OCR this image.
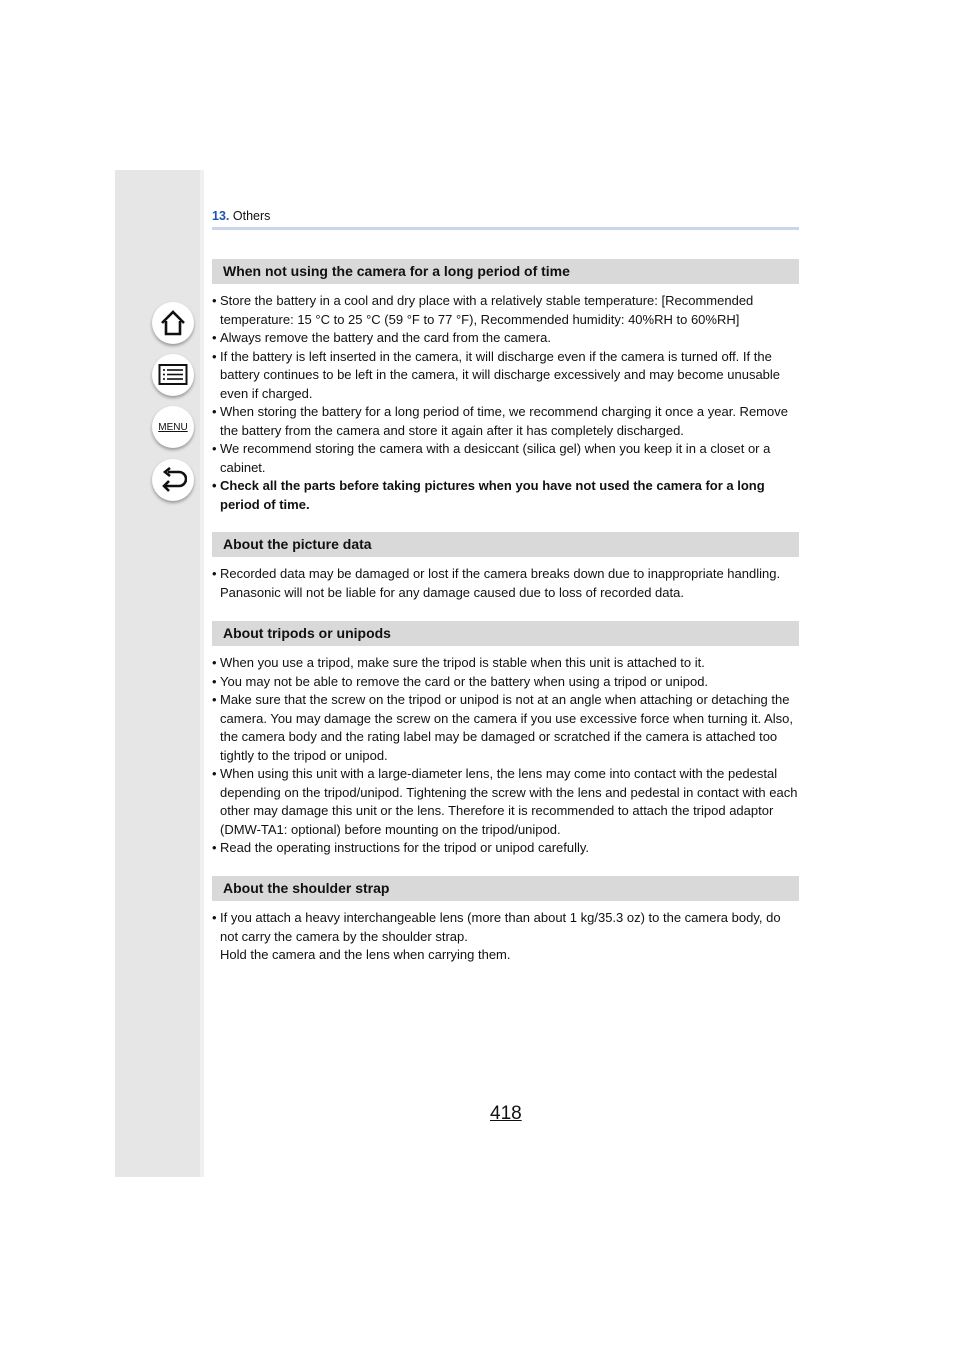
MENU
13. Others
When not using the camera for a long period of time
• Store the battery in a cool and dry place with a relatively stable temperature: [Recommended temperature: 15 °C to 25 °C (59 °F to 77 °F), Recommended humidity: 40%RH to 60%RH]
• Always remove the battery and the card from the camera.
• If the battery is left inserted in the camera, it will discharge even if the camera is turned off. If the battery continues to be left in the camera, it will discharge excessively and may become unusable even if charged.
• When storing the battery for a long period of time, we recommend charging it once a year. Remove the battery from the camera and store it again after it has completely discharged.
• We recommend storing the camera with a desiccant (silica gel) when you keep it in a closet or a cabinet.
• Check all the parts before taking pictures when you have not used the camera for a long period of time.
About the picture data
• Recorded data may be damaged or lost if the camera breaks down due to inappropriate handling. Panasonic will not be liable for any damage caused due to loss of recorded data.
About tripods or unipods
• When you use a tripod, make sure the tripod is stable when this unit is attached to it.
• You may not be able to remove the card or the battery when using a tripod or unipod.
• Make sure that the screw on the tripod or unipod is not at an angle when attaching or detaching the camera. You may damage the screw on the camera if you use excessive force when turning it. Also, the camera body and the rating label may be damaged or scratched if the camera is attached too tightly to the tripod or unipod.
• When using this unit with a large-diameter lens, the lens may come into contact with the pedestal depending on the tripod/unipod. Tightening the screw with the lens and pedestal in contact with each other may damage this unit or the lens. Therefore it is recommended to attach the tripod adaptor (DMW-TA1: optional) before mounting on the tripod/unipod.
• Read the operating instructions for the tripod or unipod carefully.
About the shoulder strap
• If you attach a heavy interchangeable lens (more than about 1 kg/35.3 oz) to the camera body, do not carry the camera by the shoulder strap.
Hold the camera and the lens when carrying them.
418
